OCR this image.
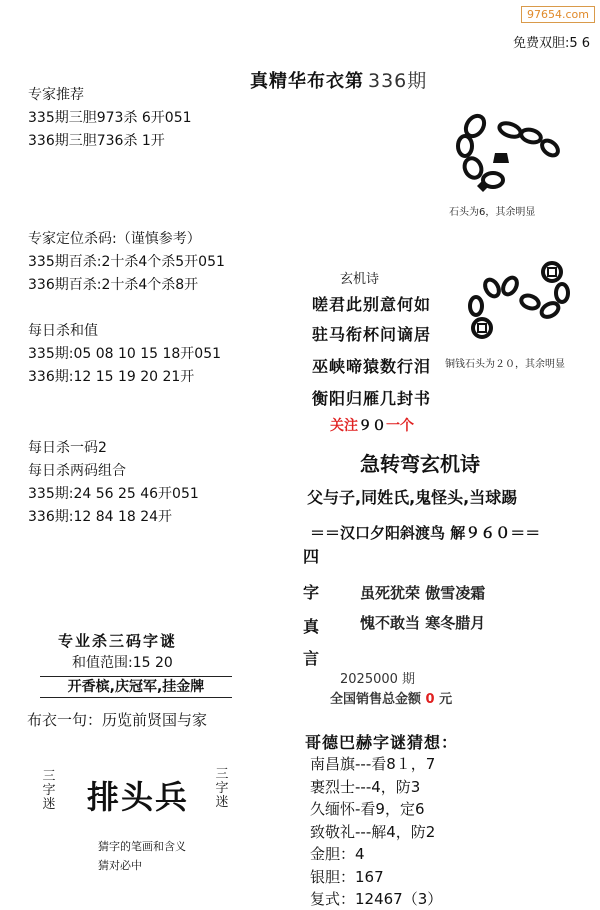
97654.com
免费双胆:5 6
真精华布衣第 336期
专家推荐
335期三胆973杀 6开051
336期三胆736杀 1开
专家定位杀码:（谨慎参考）
335期百杀:2十杀4个杀5开051
336期百杀:2十杀4个杀8开
每日杀和值
335期:05 08 10 15 18开051
336期:12 15 19 20 21开
每日杀一码2
每日杀两码组合
335期:24 56 25 46开051
336期:12 84 18 24开
石头为6，其余明显
铜钱石头为２０，其余明显
玄机诗
嗟君此别意何如
驻马衔杯问谪居
巫峡啼猿数行泪
衡阳归雁几封书
关注９０一个
急转弯玄机诗
父与子,同姓氏,鬼怪头,当球踢
＝＝汉口夕阳斜渡鸟 解９６０＝＝
四
字
真
言
虽死犹荣 傲雪凌霜
愧不敢当 寒冬腊月
2025000 期
全国销售总金额 0 元
哥德巴赫字谜猜想：
南昌旗---看8１，7
裹烈士---4，防3
久缅怀-看9，定6
致敬礼---解4，防2
金胆：4
银胆：167
复式：12467（3）
专业杀三码字谜
和值范围:15 20
开香槟,庆冠军,挂金牌
布衣一句：历览前贤国与家
三字迷
三字迷
排头兵
猜字的笔画和含义
猜对必中
